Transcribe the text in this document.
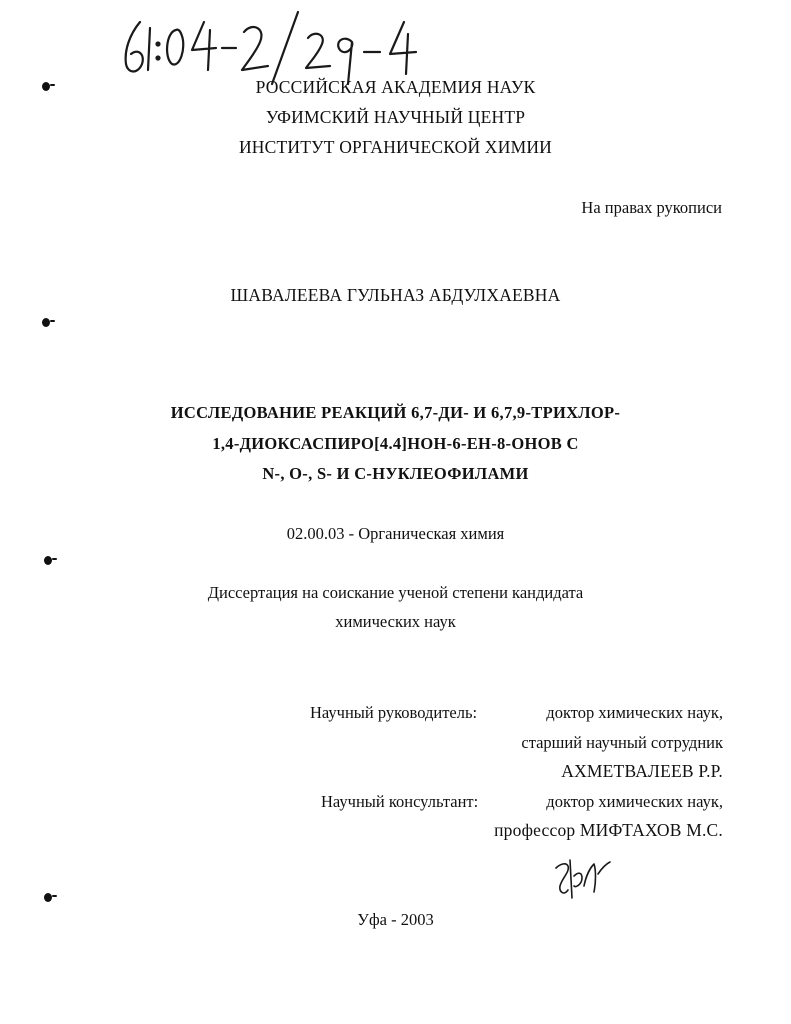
РОССИЙСКАЯ АКАДЕМИЯ НАУК
УФИМСКИЙ НАУЧНЫЙ ЦЕНТР
ИНСТИТУТ ОРГАНИЧЕСКОЙ ХИМИИ
На правах рукописи
ШАВАЛЕЕВА ГУЛЬНАЗ АБДУЛХАЕВНА
ИССЛЕДОВАНИЕ РЕАКЦИЙ 6,7-ДИ- И 6,7,9-ТРИХЛОР-
1,4-ДИОКСАСПИРО[4.4]НОН-6-ЕН-8-ОНОВ С
N-, О-, S- И С-НУКЛЕОФИЛАМИ
02.00.03 - Органическая химия
Диссертация на соискание ученой степени кандидата
химических наук
Научный руководитель:	доктор химических наук,
старший научный сотрудник
АХМЕТВАЛЕЕВ Р.Р.
Научный консультант:	доктор химических наук,
профессор МИФТАХОВ М.С.
Уфа - 2003
